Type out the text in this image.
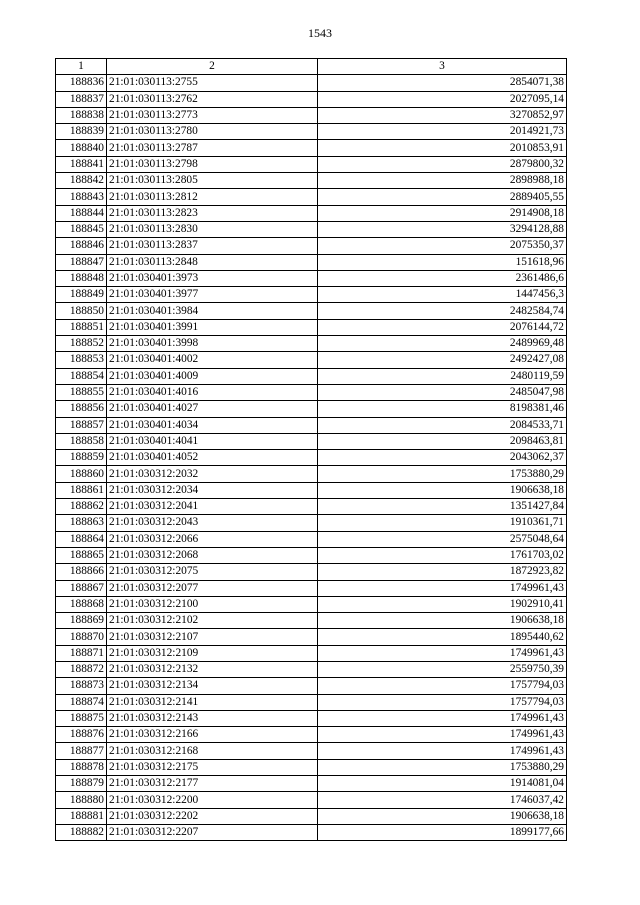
1543
1	2	3
188836	21:01:030113:2755	2854071,38
188837	21:01:030113:2762	2027095,14
188838	21:01:030113:2773	3270852,97
188839	21:01:030113:2780	2014921,73
188840	21:01:030113:2787	2010853,91
188841	21:01:030113:2798	2879800,32
188842	21:01:030113:2805	2898988,18
188843	21:01:030113:2812	2889405,55
188844	21:01:030113:2823	2914908,18
188845	21:01:030113:2830	3294128,88
188846	21:01:030113:2837	2075350,37
188847	21:01:030113:2848	151618,96
188848	21:01:030401:3973	2361486,6
188849	21:01:030401:3977	1447456,3
188850	21:01:030401:3984	2482584,74
188851	21:01:030401:3991	2076144,72
188852	21:01:030401:3998	2489969,48
188853	21:01:030401:4002	2492427,08
188854	21:01:030401:4009	2480119,59
188855	21:01:030401:4016	2485047,98
188856	21:01:030401:4027	8198381,46
188857	21:01:030401:4034	2084533,71
188858	21:01:030401:4041	2098463,81
188859	21:01:030401:4052	2043062,37
188860	21:01:030312:2032	1753880,29
188861	21:01:030312:2034	1906638,18
188862	21:01:030312:2041	1351427,84
188863	21:01:030312:2043	1910361,71
188864	21:01:030312:2066	2575048,64
188865	21:01:030312:2068	1761703,02
188866	21:01:030312:2075	1872923,82
188867	21:01:030312:2077	1749961,43
188868	21:01:030312:2100	1902910,41
188869	21:01:030312:2102	1906638,18
188870	21:01:030312:2107	1895440,62
188871	21:01:030312:2109	1749961,43
188872	21:01:030312:2132	2559750,39
188873	21:01:030312:2134	1757794,03
188874	21:01:030312:2141	1757794,03
188875	21:01:030312:2143	1749961,43
188876	21:01:030312:2166	1749961,43
188877	21:01:030312:2168	1749961,43
188878	21:01:030312:2175	1753880,29
188879	21:01:030312:2177	1914081,04
188880	21:01:030312:2200	1746037,42
188881	21:01:030312:2202	1906638,18
188882	21:01:030312:2207	1899177,66
